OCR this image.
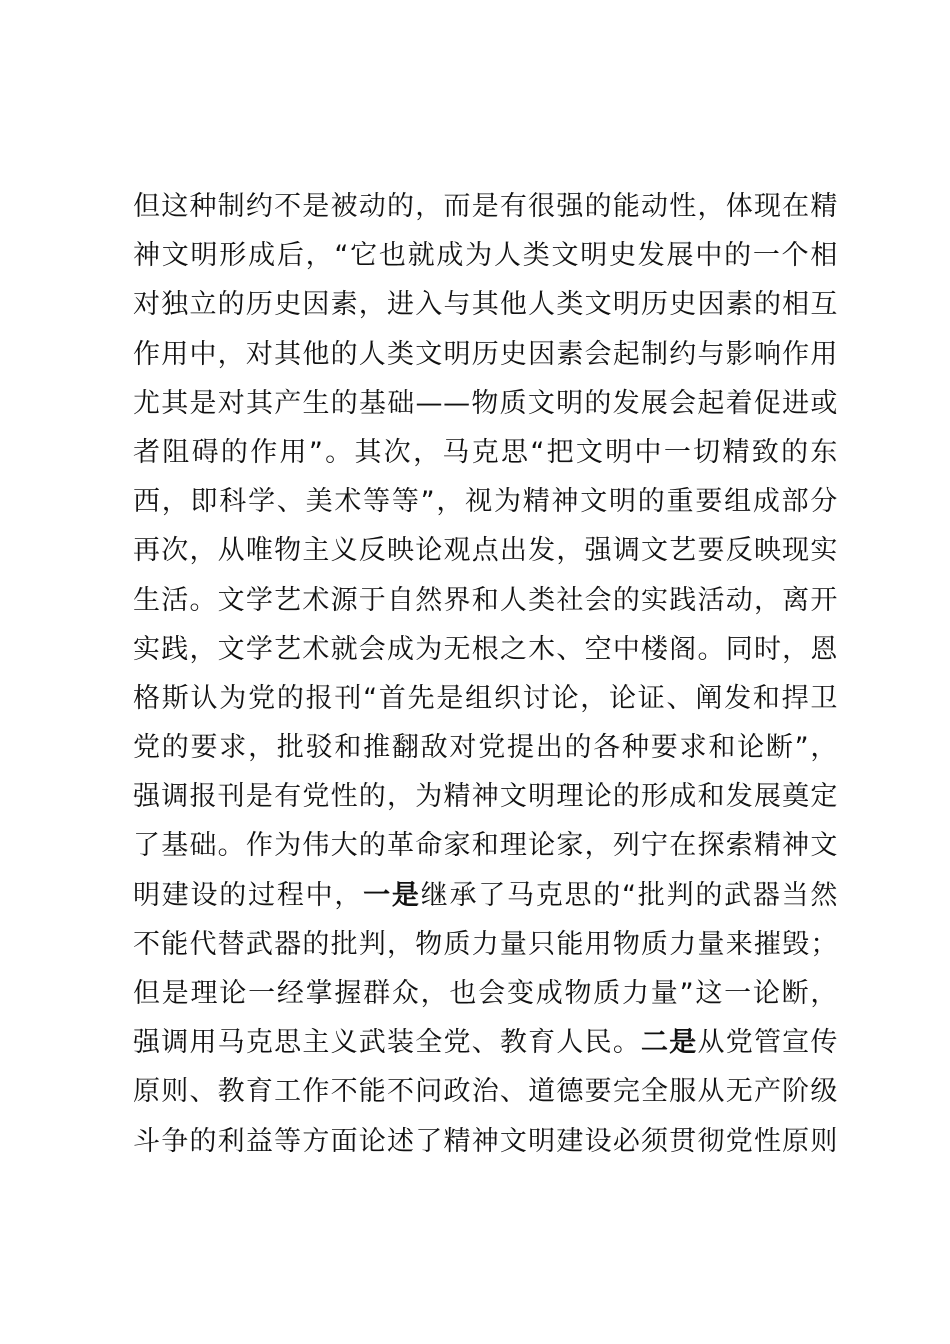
但这种制约不是被动的，而是有很强的能动性，体现在精
神文明形成后，“它也就成为人类文明史发展中的一个相
对独立的历史因素，进入与其他人类文明历史因素的相互
作用中，对其他的人类文明历史因素会起制约与影响作用
尤其是对其产生的基础——物质文明的发展会起着促进或
者阻碍的作用”。其次，马克思“把文明中一切精致的东
西，即科学、美术等等”，视为精神文明的重要组成部分
再次，从唯物主义反映论观点出发，强调文艺要反映现实
生活。文学艺术源于自然界和人类社会的实践活动，离开
实践，文学艺术就会成为无根之木、空中楼阁。同时，恩
格斯认为党的报刊“首先是组织讨论，论证、阐发和捍卫
党的要求，批驳和推翻敌对党提出的各种要求和论断”，
强调报刊是有党性的，为精神文明理论的形成和发展奠定
了基础。作为伟大的革命家和理论家，列宁在探索精神文
明建设的过程中，一是继承了马克思的“批判的武器当然
不能代替武器的批判，物质力量只能用物质力量来摧毁；
但是理论一经掌握群众，也会变成物质力量”这一论断，
强调用马克思主义武装全党、教育人民。二是从党管宣传
原则、教育工作不能不问政治、道德要完全服从无产阶级
斗争的利益等方面论述了精神文明建设必须贯彻党性原则
